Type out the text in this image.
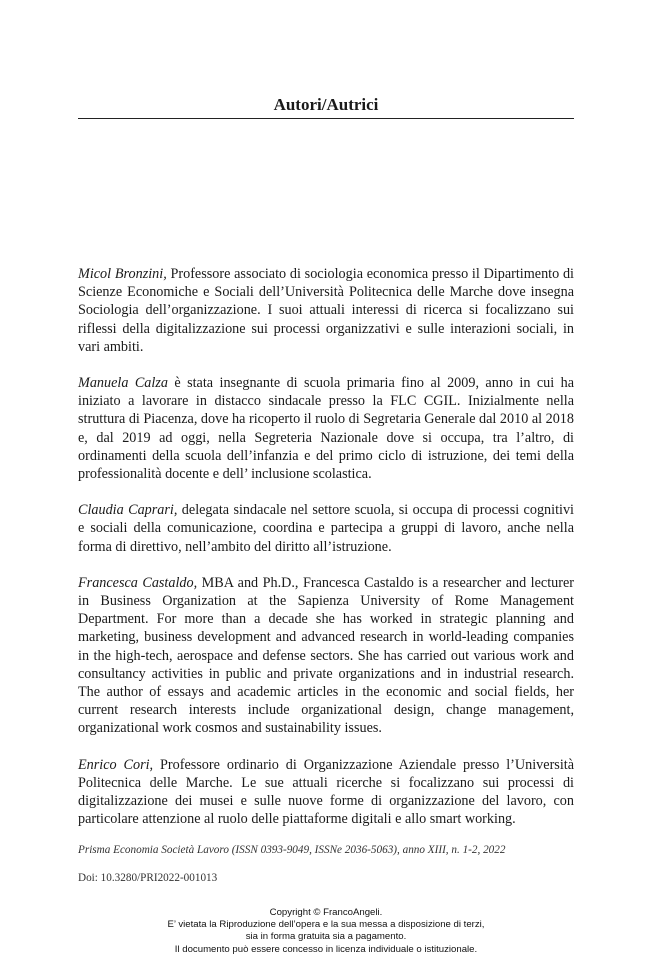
Autori/Autrici

Micol Bronzini, Professore associato di sociologia economica presso il Dipartimento di Scienze Economiche e Sociali dell’Università Politecnica delle Marche dove insegna Sociologia dell’organizzazione. I suoi attuali interessi di ricerca si focalizzano sui riflessi della digitalizzazione sui processi organizzativi e sulle interazioni sociali, in vari ambiti.

Manuela Calza è stata insegnante di scuola primaria fino al 2009, anno in cui ha iniziato a lavorare in distacco sindacale presso la FLC CGIL. Inizialmente nella struttura di Piacenza, dove ha ricoperto il ruolo di Segretaria Generale dal 2010 al 2018 e, dal 2019 ad oggi, nella Segreteria Nazionale dove si occupa, tra l’altro, di ordinamenti della scuola dell’infanzia e del primo ciclo di istruzione, dei temi della professionalità docente e dell’ inclusione scolastica.

Claudia Caprari, delegata sindacale nel settore scuola, si occupa di processi cognitivi e sociali della comunicazione, coordina e partecipa a gruppi di lavoro, anche nella forma di direttivo, nell’ambito del diritto all’istruzione.

Francesca Castaldo, MBA and Ph.D., Francesca Castaldo is a researcher and lecturer in Business Organization at the Sapienza University of Rome Management Department. For more than a decade she has worked in strategic planning and marketing, business development and advanced research in world-leading companies in the high-tech, aerospace and defense sectors. She has carried out various work and consultancy activities in public and private organizations and in industrial research. The author of essays and academic articles in the economic and social fields, her current research interests include organizational design, change management, organizational work cosmos and sustainability issues.

Enrico Cori, Professore ordinario di Organizzazione Aziendale presso l’Università Politecnica delle Marche. Le sue attuali ricerche si focalizzano sui processi di digitalizzazione dei musei e sulle nuove forme di organizzazione del lavoro, con particolare attenzione al ruolo delle piattaforme digitali e allo smart working.

Prisma Economia Società Lavoro (ISSN 0393-9049, ISSNe 2036-5063), anno XIII, n. 1-2, 2022
Doi: 10.3280/PRI2022-001013
Copyright © FrancoAngeli.
E’ vietata la Riproduzione dell’opera e la sua messa a disposizione di terzi,
sia in forma gratuita sia a pagamento.
Il documento può essere concesso in licenza individuale o istituzionale.
